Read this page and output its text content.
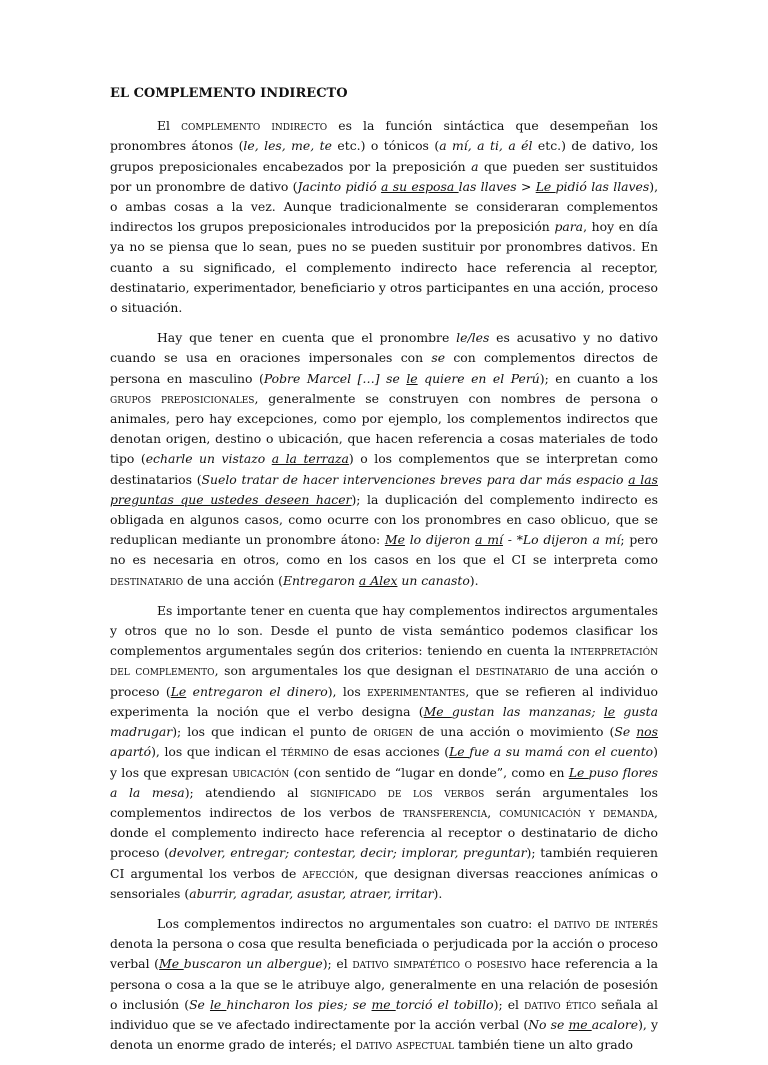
EL COMPLEMENTO INDIRECTO

El complemento indirecto es la función sintáctica que desempeñan los pronombres átonos (le, les, me, te etc.) o tónicos (a mí, a ti, a él etc.) de dativo, los grupos preposicionales encabezados por la preposición a que pueden ser sustituidos por un pronombre de dativo (Jacinto pidió a su esposa las llaves > Le pidió las llaves), o ambas cosas a la vez. Aunque tradicionalmente se consideraran complementos indirectos los grupos preposicionales introducidos por la preposición para, hoy en día ya no se piensa que lo sean, pues no se pueden sustituir por pronombres dativos. En cuanto a su significado, el complemento indirecto hace referencia al receptor, destinatario, experimentador, beneficiario y otros participantes en una acción, proceso o situación.

Hay que tener en cuenta que el pronombre le/les es acusativo y no dativo cuando se usa en oraciones impersonales con se con complementos directos de persona en masculino (Pobre Marcel […] se le quiere en el Perú); en cuanto a los grupos preposicionales, generalmente se construyen con nombres de persona o animales, pero hay excepciones, como por ejemplo, los complementos indirectos que denotan origen, destino o ubicación, que hacen referencia a cosas materiales de todo tipo (echarle un vistazo a la terraza) o los complementos que se interpretan como destinatarios (Suelo tratar de hacer intervenciones breves para dar más espacio a las preguntas que ustedes deseen hacer); la duplicación del complemento indirecto es obligada en algunos casos, como ocurre con los pronombres en caso oblicuo, que se reduplican mediante un pronombre átono: Me lo dijeron a mí - *Lo dijeron a mí; pero no es necesaria en otros, como en los casos en los que el CI se interpreta como destinatario de una acción (Entregaron a Alex un canasto).

Es importante tener en cuenta que hay complementos indirectos argumentales y otros que no lo son. Desde el punto de vista semántico podemos clasificar los complementos argumentales según dos criterios: teniendo en cuenta la interpretación del complemento, son argumentales los que designan el destinatario de una acción o proceso (Le entregaron el dinero), los experimentantes, que se refieren al individuo experimenta la noción que el verbo designa (Me gustan las manzanas; le gusta madrugar); los que indican el punto de origen de una acción o movimiento (Se nos apartó), los que indican el término de esas acciones (Le fue a su mamá con el cuento) y los que expresan ubicación (con sentido de “lugar en donde”, como en Le puso flores a la mesa); atendiendo al significado de los verbos serán argumentales los complementos indirectos de los verbos de transferencia, comunicación y demanda, donde el complemento indirecto hace referencia al receptor o destinatario de dicho proceso (devolver, entregar; contestar, decir; implorar, preguntar); también requieren CI argumental los verbos de afección, que designan diversas reacciones anímicas o sensoriales (aburrir, agradar, asustar, atraer, irritar).

Los complementos indirectos no argumentales son cuatro: el dativo de interés denota la persona o cosa que resulta beneficiada o perjudicada por la acción o proceso verbal (Me buscaron un albergue); el dativo simpatético o posesivo hace referencia a la persona o cosa a la que se le atribuye algo, generalmente en una relación de posesión o inclusión (Se le hincharon los pies; se me torció el tobillo); el dativo ético señala al individuo que se ve afectado indirectamente por la acción verbal (No se me acalore), y denota un enorme grado de interés; el dativo aspectual también tiene un alto grado
